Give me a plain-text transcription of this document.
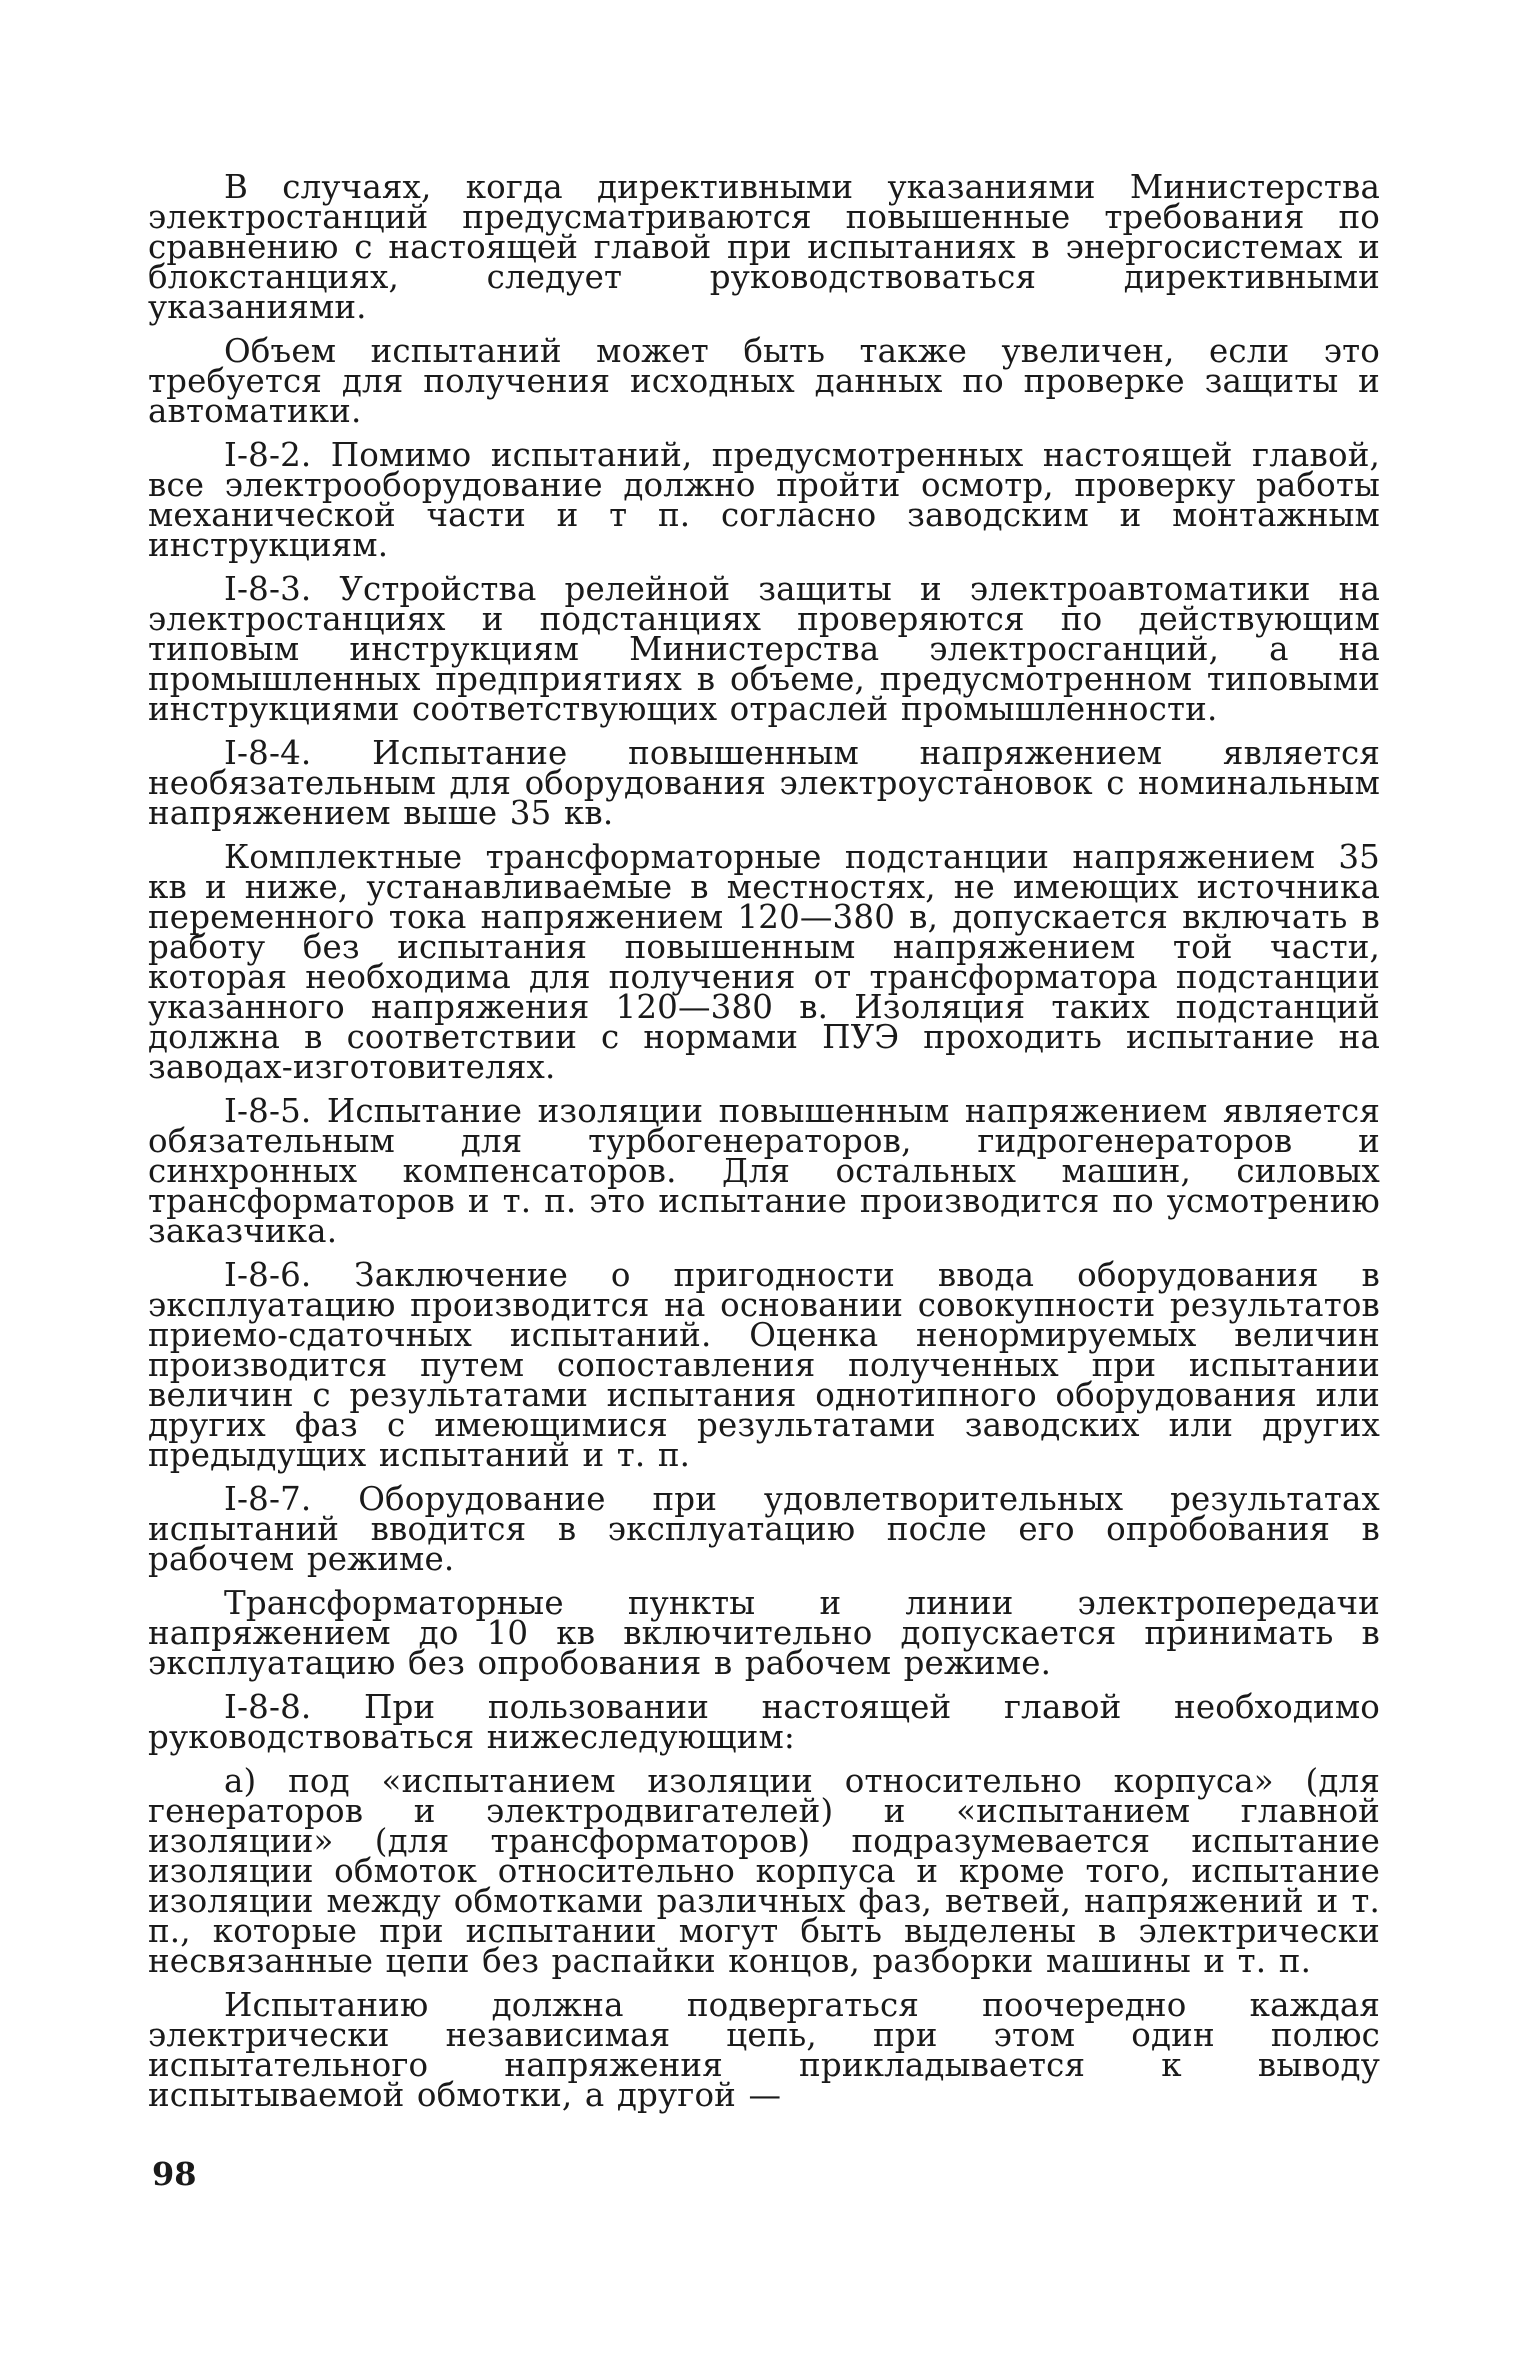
В случаях, когда директивными указаниями Министерства электростанций предусматриваются повышенные требования по сравнению с настоящей главой при испытаниях в энергосистемах и блокстанциях, следует руководствоваться директивными указаниями.

Объем испытаний может быть также увеличен, если это требуется для получения исходных данных по проверке защиты и автоматики.

I-8-2. Помимо испытаний, предусмотренных настоящей главой, все электрооборудование должно пройти осмотр, проверку работы механической части и т п. согласно заводским и монтажным инструкциям.

I-8-3. Устройства релейной защиты и электроавтоматики на электростанциях и подстанциях проверяются по действующим типовым инструкциям Министерства электросганций, а на промышленных предприятиях в объеме, предусмотренном типовыми инструкциями соответствующих отраслей промышленности.

I-8-4. Испытание повышенным напряжением является необязательным для оборудования электроустановок с номинальным напряжением выше 35 кв.

Комплектные трансформаторные подстанции напряжением 35 кв и ниже, устанавливаемые в местностях, не имеющих источника переменного тока напряжением 120—380 в, допускается включать в работу без испытания повышенным напряжением той части, которая необходима для получения от трансформатора подстанции указанного напряжения 120—380 в. Изоляция таких подстанций должна в соответствии с нормами ПУЭ проходить испытание на заводах-изготовителях.

I-8-5. Испытание изоляции повышенным напряжением является обязательным для турбогенераторов, гидрогенераторов и синхронных компенсаторов. Для остальных машин, силовых трансформаторов и т. п. это испытание производится по усмотрению заказчика.

I-8-6. Заключение о пригодности ввода оборудования в эксплуатацию производится на основании совокупности результатов приемо-сдаточных испытаний. Оценка ненормируемых величин производится путем сопоставления полученных при испытании величин с результатами испытания однотипного оборудования или других фаз с имеющимися результатами заводских или других предыдущих испытаний и т. п.

I-8-7. Оборудование при удовлетворительных результатах испытаний вводится в эксплуатацию после его опробования в рабочем режиме.

Трансформаторные пункты и линии электропередачи напряжением до 10 кв включительно допускается принимать в эксплуатацию без опробования в рабочем режиме.

I-8-8. При пользовании настоящей главой необходимо руководствоваться нижеследующим:

а) под «испытанием изоляции относительно корпуса» (для генераторов и электродвигателей) и «испытанием главной изоляции» (для трансформаторов) подразумевается испытание изоляции обмоток относительно корпуса и кроме того, испытание изоляции между обмотками различных фаз, ветвей, напряжений и т. п., которые при испытании могут быть выделены в электрически несвязанные цепи без распайки концов, разборки машины и т. п.

Испытанию должна подвергаться поочередно каждая электрически независимая цепь, при этом один полюс испытательного напряжения прикладывается к выводу испытываемой обмотки, а другой —

98
